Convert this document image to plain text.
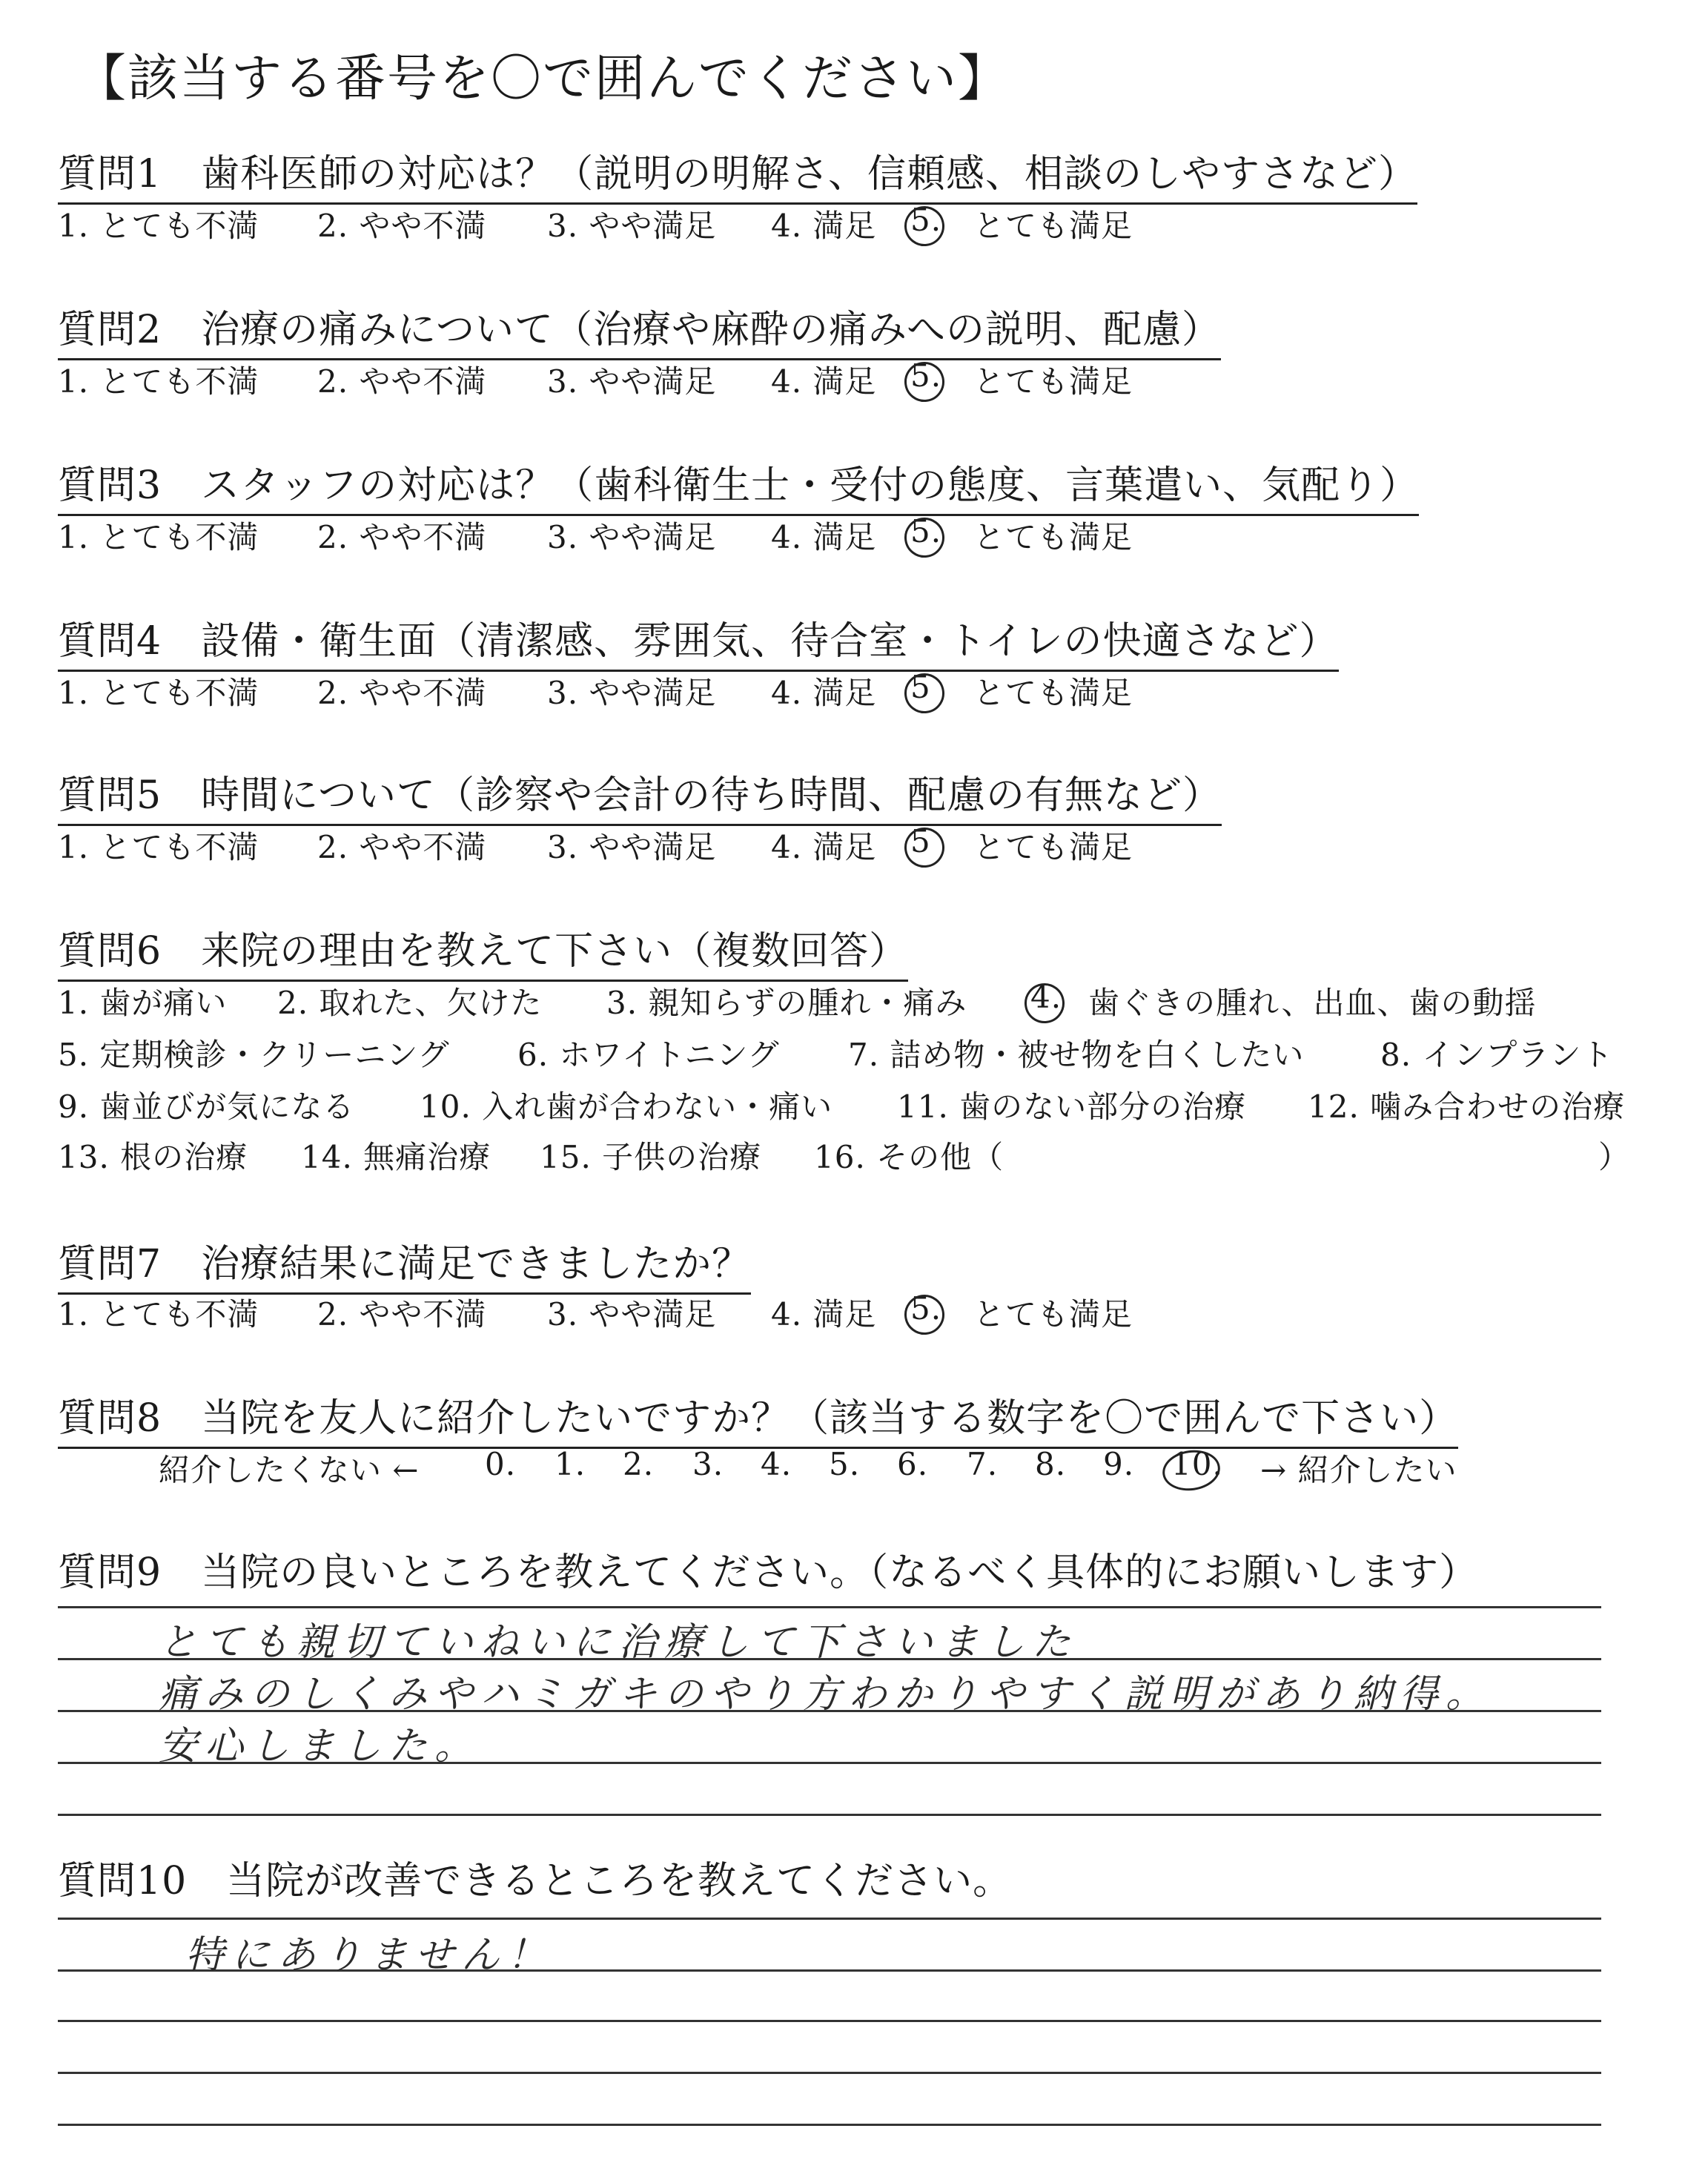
【該当する番号を〇で囲んでください】
質問1　歯科医師の対応は？（説明の明解さ、信頼感、相談のしやすさなど）
1. とても不満 2. やや不満 3. やや満足 4. 満足 5. とても満足
質問2　治療の痛みについて（治療や麻酔の痛みへの説明、配慮）
1. とても不満 2. やや不満 3. やや満足 4. 満足 5. とても満足
質問3　スタッフの対応は？（歯科衛生士・受付の態度、言葉遣い、気配り）
1. とても不満 2. やや不満 3. やや満足 4. 満足 5. とても満足
質問4　設備・衛生面（清潔感、雰囲気、待合室・トイレの快適さなど）
1. とても不満 2. やや不満 3. やや満足 4. 満足 5 とても満足
質問5　時間について（診察や会計の待ち時間、配慮の有無など）
1. とても不満 2. やや不満 3. やや満足 4. 満足 5 とても満足
質問6　来院の理由を教えて下さい（複数回答）
1. 歯が痛い 2. 取れた、欠けた 3. 親知らずの腫れ・痛み 4. 歯ぐきの腫れ、出血、歯の動揺
5. 定期検診・クリーニング 6. ホワイトニング 7. 詰め物・被せ物を白くしたい 8. インプラント
9. 歯並びが気になる 10. 入れ歯が合わない・痛い 11. 歯のない部分の治療 12. 噛み合わせの治療
13. 根の治療 14. 無痛治療 15. 子供の治療 16. その他（	）
質問7　治療結果に満足できましたか？
1. とても不満 2. やや不満 3. やや満足 4. 満足 5. とても満足
質問8　当院を友人に紹介したいですか？（該当する数字を〇で囲んで下さい）
紹介したくない ← 0. 1. 2. 3. 4. 5. 6. 7. 8. 9. 10. → 紹介したい
質問9　当院の良いところを教えてください。（なるべく具体的にお願いします）
とても親切ていねいに治療して下さいました
痛みのしくみやハミガキのやり方わかりやすく説明があり納得。
安心しました。
質問10　当院が改善できるところを教えてください。
特にありません！
